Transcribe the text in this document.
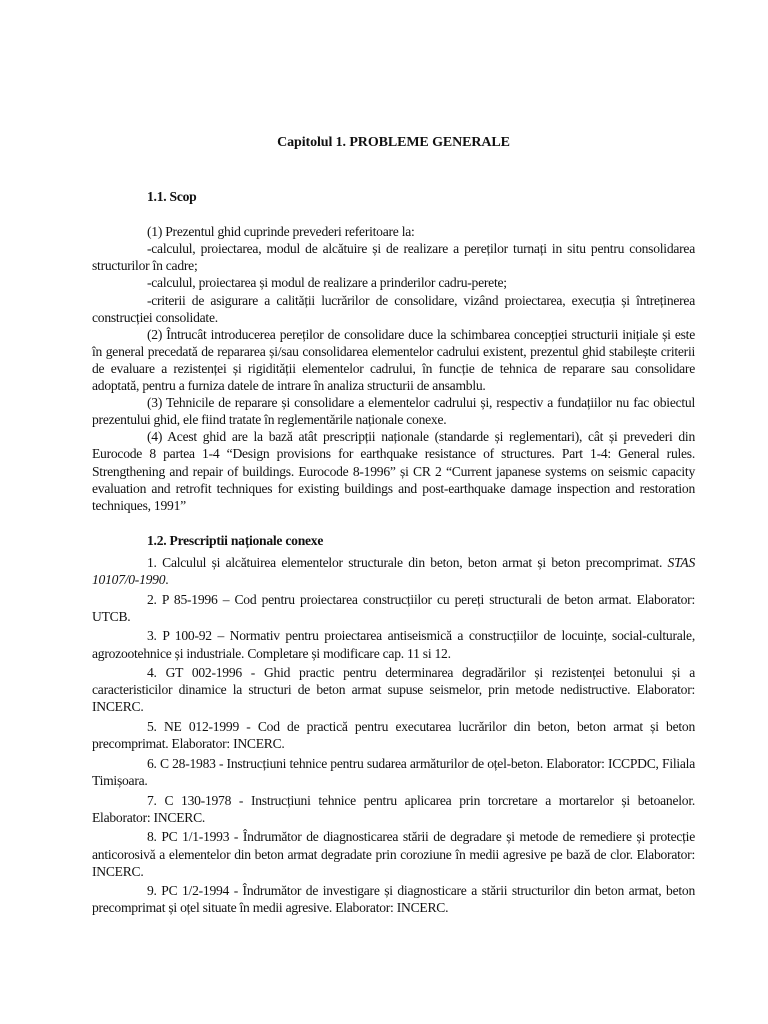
Capitolul 1. PROBLEME GENERALE
1.1. Scop

(1) Prezentul ghid cuprinde prevederi referitoare la:

-calculul, proiectarea, modul de alcătuire și de realizare a pereților turnați in situ pentru consolidarea structurilor în cadre;

-calculul, proiectarea și modul de realizare a prinderilor cadru-perete;

-criterii de asigurare a calității lucrărilor de consolidare, vizând proiectarea, execuția și întreținerea construcției consolidate.

(2) Întrucât introducerea pereților de consolidare duce la schimbarea concepției structurii inițiale și este în general precedată de repararea și/sau consolidarea elementelor cadrului existent, prezentul ghid stabilește criterii de evaluare a rezistenței și rigidității elementelor cadrului, în funcție de tehnica de reparare sau consolidare adoptată, pentru a furniza datele de intrare în analiza structurii de ansamblu.

(3) Tehnicile de reparare și consolidare a elementelor cadrului și, respectiv a fundațiilor nu fac obiectul prezentului ghid, ele fiind tratate în reglementările naționale conexe.

(4) Acest ghid are la bază atât prescripții naționale (standarde și reglementari), cât și prevederi din Eurocode 8 partea 1-4 “Design provisions for earthquake resistance of structures. Part 1-4: General rules. Strengthening and repair of buildings. Eurocode 8-1996” și CR 2 “Current japanese systems on seismic capacity evaluation and retrofit techniques for existing buildings and post-earthquake damage inspection and restoration techniques, 1991”

1.2. Prescriptii naționale conexe

1. Calculul și alcătuirea elementelor structurale din beton, beton armat și beton precomprimat. STAS 10107/0-1990.

2. P 85-1996 – Cod pentru proiectarea construcțiilor cu pereți structurali de beton armat. Elaborator: UTCB.

3. P 100-92 – Normativ pentru proiectarea antiseismică a construcțiilor de locuințe, social-culturale, agrozootehnice și industriale. Completare și modificare cap. 11 si 12.

4. GT 002-1996 - Ghid practic pentru determinarea degradărilor și rezistenței betonului și a caracteristicilor dinamice la structuri de beton armat supuse seismelor, prin metode nedistructive. Elaborator: INCERC.

5. NE 012-1999 - Cod de practică pentru executarea lucrărilor din beton, beton armat și beton precomprimat. Elaborator: INCERC.

6. C 28-1983 - Instrucțiuni tehnice pentru sudarea armăturilor de oțel-beton. Elaborator: ICCPDC, Filiala Timișoara.

7. C 130-1978 - Instrucțiuni tehnice pentru aplicarea prin torcretare a mortarelor și betoanelor. Elaborator: INCERC.

8. PC 1/1-1993 - Îndrumător de diagnosticarea stării de degradare și metode de remediere și protecție anticorosivă a elementelor din beton armat degradate prin coroziune în medii agresive pe bază de clor. Elaborator: INCERC.

9. PC 1/2-1994 - Îndrumător de investigare și diagnosticare a stării structurilor din beton armat, beton precomprimat și oțel situate în medii agresive. Elaborator: INCERC.
